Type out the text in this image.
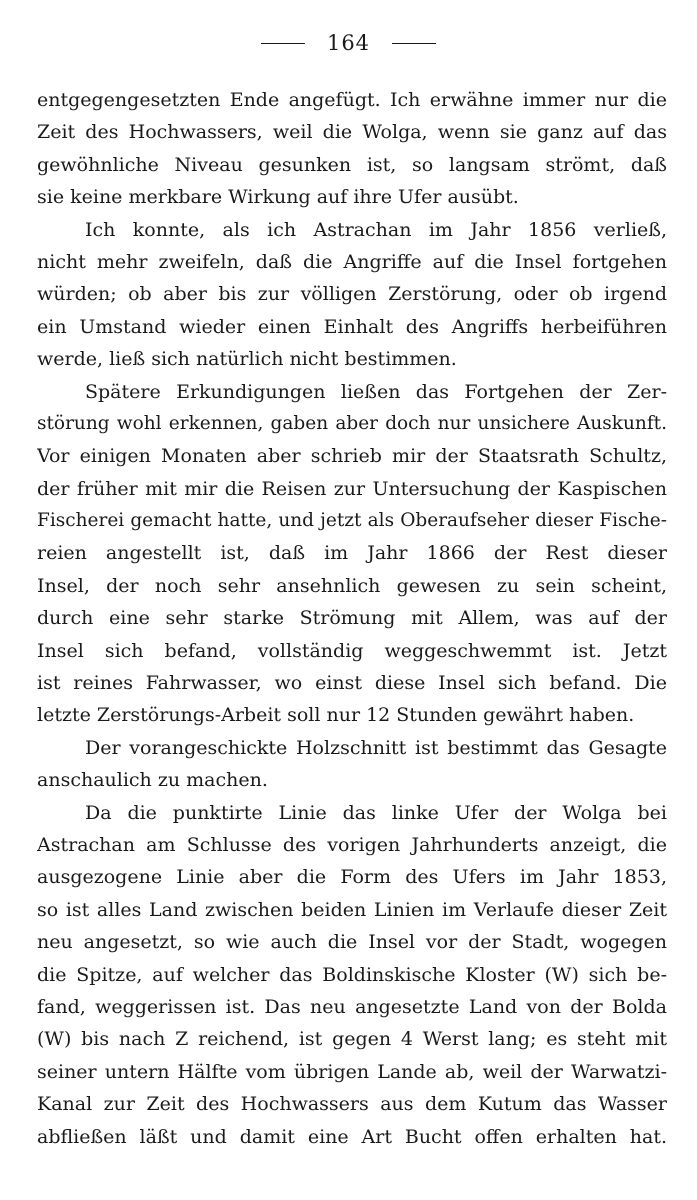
164
entgegengesetzten Ende angefügt. Ich erwähne immer nur die
Zeit des Hochwassers, weil die Wolga, wenn sie ganz auf das
gewöhnliche Niveau gesunken ist, so langsam strömt, daß
sie keine merkbare Wirkung auf ihre Ufer ausübt.
Ich konnte, als ich Astrachan im Jahr 1856 verließ,
nicht mehr zweifeln, daß die Angriffe auf die Insel fortgehen
würden; ob aber bis zur völligen Zerstörung, oder ob irgend
ein Umstand wieder einen Einhalt des Angriffs herbeiführen
werde, ließ sich natürlich nicht bestimmen.
Spätere Erkundigungen ließen das Fortgehen der Zer-
störung wohl erkennen, gaben aber doch nur unsichere Auskunft.
Vor einigen Monaten aber schrieb mir der Staatsrath Schultz,
der früher mit mir die Reisen zur Untersuchung der Kaspischen
Fischerei gemacht hatte, und jetzt als Oberaufseher dieser Fische-
reien angestellt ist, daß im Jahr 1866 der Rest dieser
Insel, der noch sehr ansehnlich gewesen zu sein scheint,
durch eine sehr starke Strömung mit Allem, was auf der
Insel sich befand, vollständig weggeschwemmt ist. Jetzt
ist reines Fahrwasser, wo einst diese Insel sich befand. Die
letzte Zerstörungs-Arbeit soll nur 12 Stunden gewährt haben.
Der vorangeschickte Holzschnitt ist bestimmt das Gesagte
anschaulich zu machen.
Da die punktirte Linie das linke Ufer der Wolga bei
Astrachan am Schlusse des vorigen Jahrhunderts anzeigt, die
ausgezogene Linie aber die Form des Ufers im Jahr 1853,
so ist alles Land zwischen beiden Linien im Verlaufe dieser Zeit
neu angesetzt, so wie auch die Insel vor der Stadt, wogegen
die Spitze, auf welcher das Boldinskische Kloster (W) sich be-
fand, weggerissen ist. Das neu angesetzte Land von der Bolda
(W) bis nach Z reichend, ist gegen 4 Werst lang; es steht mit
seiner untern Hälfte vom übrigen Lande ab, weil der Warwatzi-
Kanal zur Zeit des Hochwassers aus dem Kutum das Wasser
abfließen läßt und damit eine Art Bucht offen erhalten hat.
